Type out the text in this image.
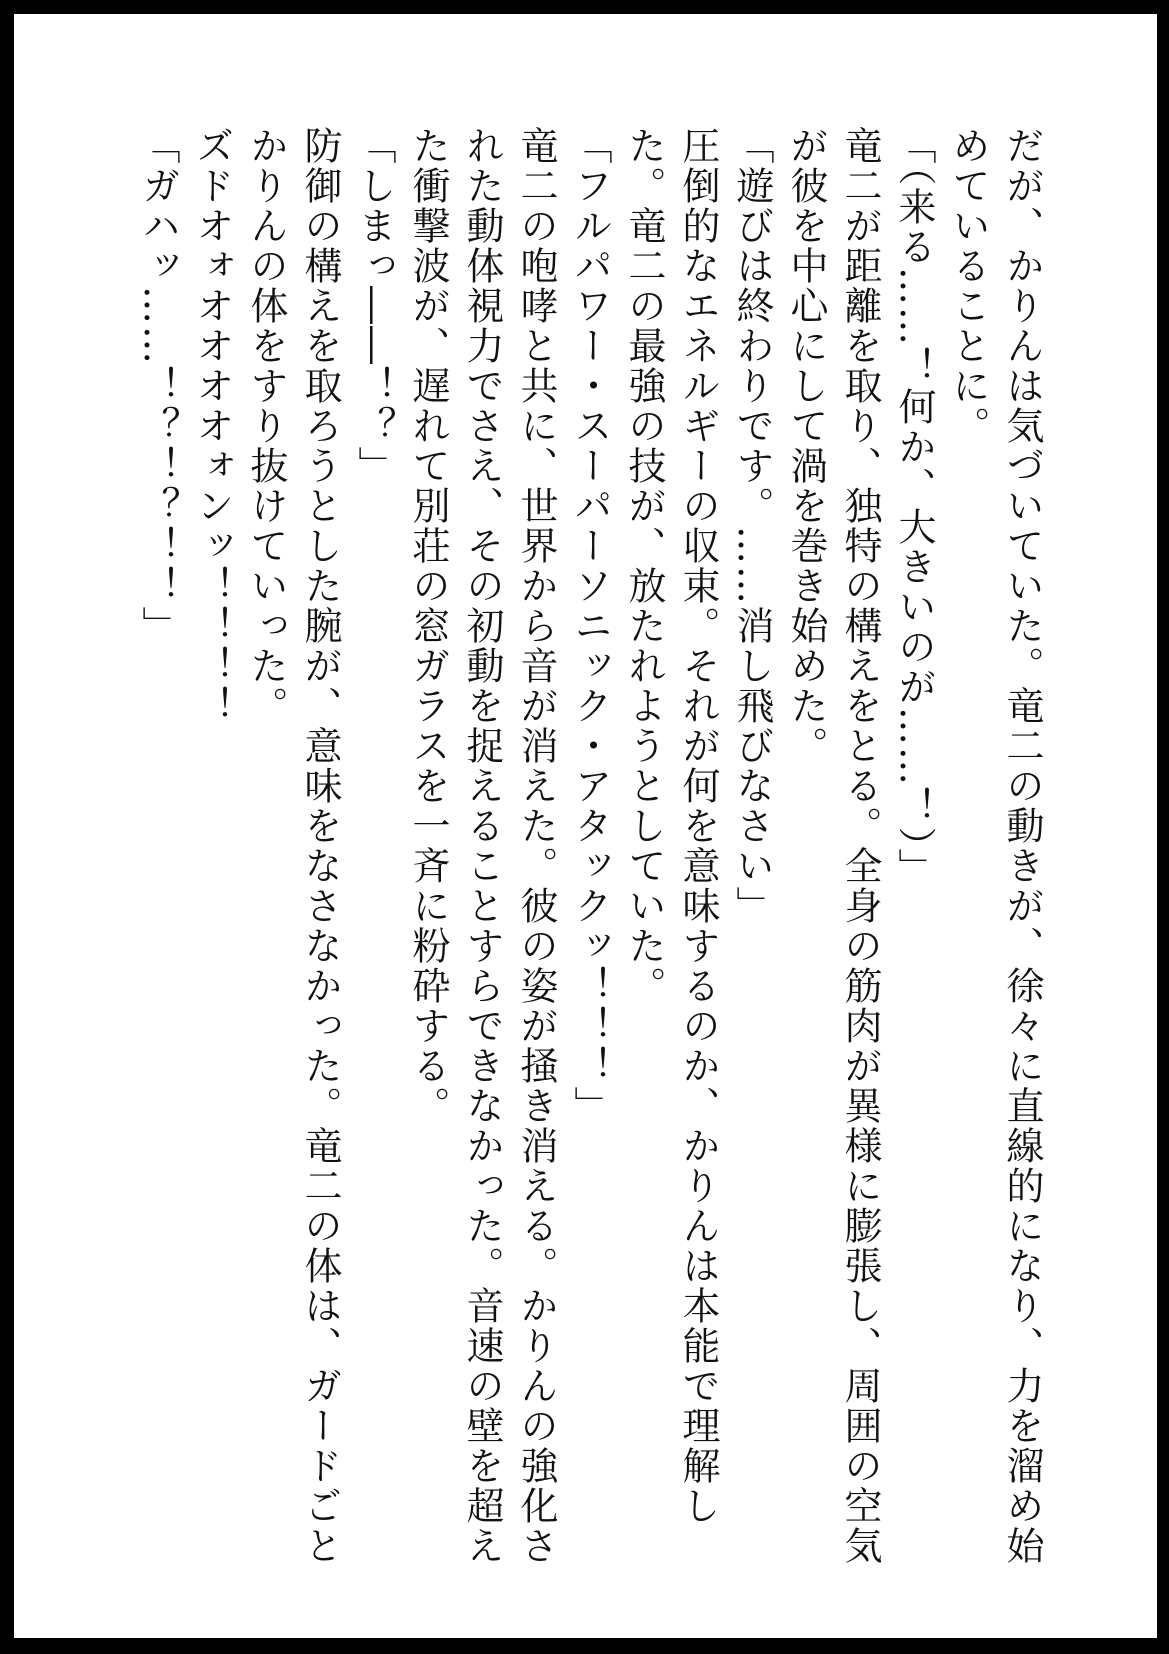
だが、かりんは気づいていた。竜二の動きが、徐々に直線的になり、力を溜め始めていることに。

「（来る……！何か、大きいのが……！）」

竜二が距離を取り、独特の構えをとる。全身の筋肉が異様に膨張し、周囲の空気が彼を中心にして渦を巻き始めた。

「遊びは終わりです。……消し飛びなさい」

圧倒的なエネルギーの収束。それが何を意味するのか、かりんは本能で理解した。竜二の最強の技が、放たれようとしていた。

「フルパワー・スーパーソニック・アタックッ！！！」

竜二の咆哮と共に、世界から音が消えた。彼の姿が掻き消える。かりんの強化された動体視力でさえ、その初動を捉えることすらできなかった。音速の壁を超えた衝撃波が、遅れて別荘の窓ガラスを一斉に粉砕する。

「しまっ――！？」

防御の構えを取ろうとした腕が、意味をなさなかった。竜二の体は、ガードごとかりんの体をすり抜けていった。

ズドオォオオオオォンッ！！！！

「ガハッ……！？！？！！」
